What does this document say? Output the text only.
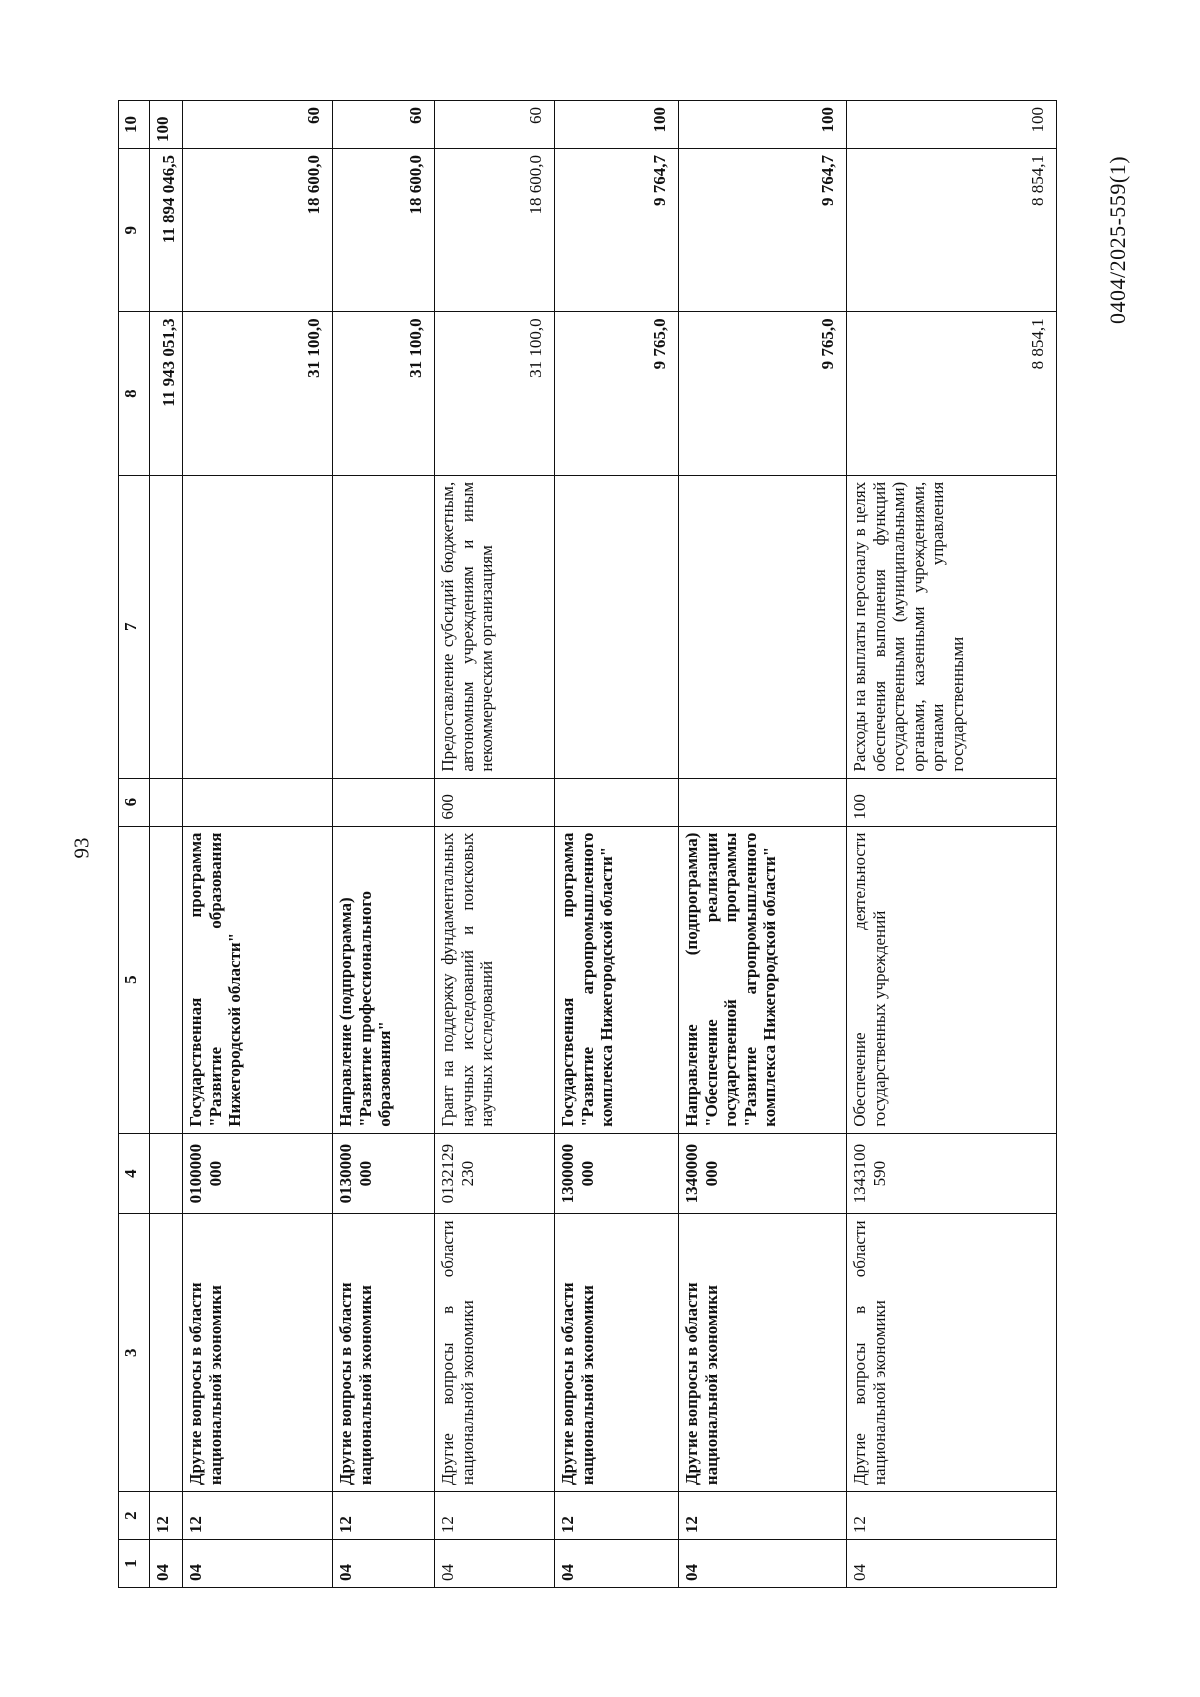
93
0404/2025-559(1)
1	2	3	4	5	6	7	8	9	10
04	12						11 943 051,3	11 894 046,5	100
04	12	Другие вопросы в области национальной экономики	0100000 000	Государственная программа "Развитие образования Нижегородской области"			31 100,0	18 600,0	60
04	12	Другие вопросы в области национальной экономики	0130000 000	Направление (подпрограмма) "Развитие профессионального образования"			31 100,0	18 600,0	60
04	12	Другие вопросы в области национальной экономики	0132129 230	Грант на поддержку фундаментальных научных исследований и поисковых научных исследований	600	Предоставление субсидий бюджетным, автономным учреждениям и иным некоммерческим организациям	31 100,0	18 600,0	60
04	12	Другие вопросы в области национальной экономики	1300000 000	Государственная программа "Развитие агропромышленного комплекса Нижегородской области"			9 765,0	9 764,7	100
04	12	Другие вопросы в области национальной экономики	1340000 000	Направление (подпрограмма) "Обеспечение реализации государственной программы "Развитие агропромышленного комплекса Нижегородской области"			9 765,0	9 764,7	100
04	12	Другие вопросы в области национальной экономики	1343100 590	Обеспечение деятельности государственных учреждений	100	Расходы на выплаты персоналу в целях обеспечения выполнения функций государственными (муниципальными) органами, казенными учреждениями, органами управления государственными	8 854,1	8 854,1	100
